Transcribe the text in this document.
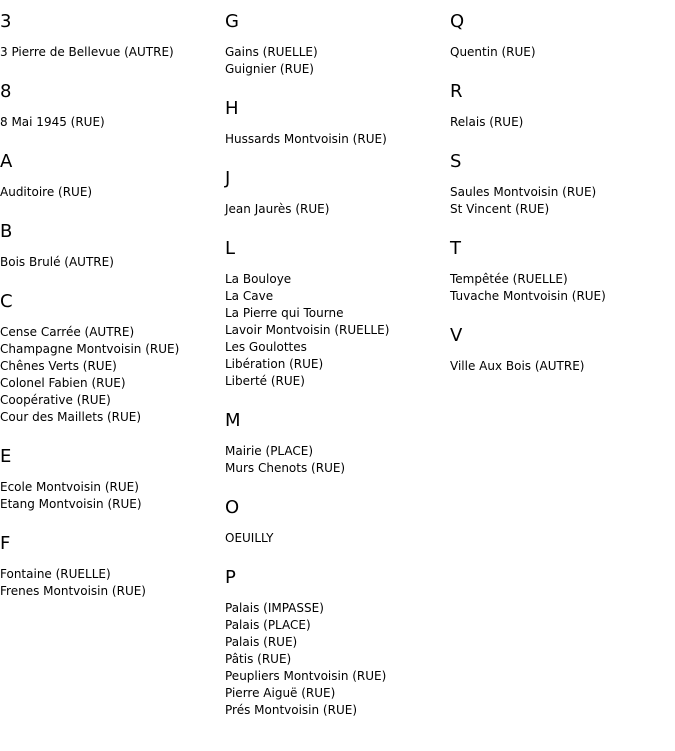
3
3 Pierre de Bellevue (AUTRE)
8
8 Mai 1945 (RUE)
A
Auditoire (RUE)
B
Bois Brulé (AUTRE)
C
Cense Carrée (AUTRE)
Champagne Montvoisin (RUE)
Chênes Verts (RUE)
Colonel Fabien (RUE)
Coopérative (RUE)
Cour des Maillets (RUE)
E
Ecole Montvoisin (RUE)
Etang Montvoisin (RUE)
F
Fontaine (RUELLE)
Frenes Montvoisin (RUE)
G
Gains (RUELLE)
Guignier (RUE)
H
Hussards Montvoisin (RUE)
J
Jean Jaurès (RUE)
L
La Bouloye
La Cave
La Pierre qui Tourne
Lavoir Montvoisin (RUELLE)
Les Goulottes
Libération (RUE)
Liberté (RUE)
M
Mairie (PLACE)
Murs Chenots (RUE)
O
OEUILLY
P
Palais (IMPASSE)
Palais (PLACE)
Palais (RUE)
Pâtis (RUE)
Peupliers Montvoisin (RUE)
Pierre Aiguë (RUE)
Prés Montvoisin (RUE)
Q
Quentin (RUE)
R
Relais (RUE)
S
Saules Montvoisin (RUE)
St Vincent (RUE)
T
Tempêtée (RUELLE)
Tuvache Montvoisin (RUE)
V
Ville Aux Bois (AUTRE)
